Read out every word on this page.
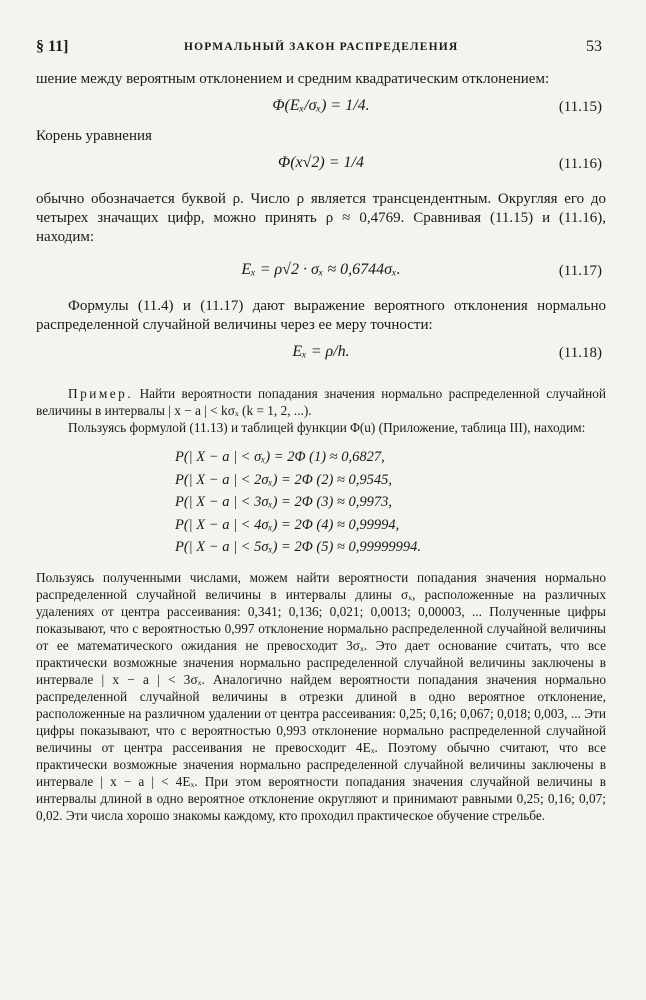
§ 11]	НОРМАЛЬНЫЙ ЗАКОН РАСПРЕДЕЛЕНИЯ	53

шение между вероятным отклонением и средним квадратическим отклонением:

Φ(Eₓ/σₓ) = 1/4.	(11.15)

Корень уравнения

Φ(x√2) = 1/4	(11.16)

обычно обозначается буквой ρ. Число ρ является трансцендентным. Округляя его до четырех значащих цифр, можно принять ρ ≈ 0,4769. Сравнивая (11.15) и (11.16), находим:

Eₓ = ρ√2 · σₓ ≈ 0,6744σₓ.	(11.17)

Формулы (11.4) и (11.17) дают выражение вероятного отклонения нормально распределенной случайной величины через ее меру точности:

Eₓ = ρ/h.	(11.18)

Пример. Найти вероятности попадания значения нормально распределенной случайной величины в интервалы | x − a | < kσₓ (k = 1, 2, ...).

Пользуясь формулой (11.13) и таблицей функции Φ(u) (Приложение, таблица III), находим:

P(| X − a | < σₓ) = 2Φ (1) ≈ 0,6827,
P(| X − a | < 2σₓ) = 2Φ (2) ≈ 0,9545,
P(| X − a | < 3σₓ) = 2Φ (3) ≈ 0,9973,
P(| X − a | < 4σₓ) = 2Φ (4) ≈ 0,99994,
P(| X − a | < 5σₓ) = 2Φ (5) ≈ 0,99999994.

Пользуясь полученными числами, можем найти вероятности попадания значения нормально распределенной случайной величины в интервалы длины σₓ, расположенные на различных удалениях от центра рассеивания: 0,341; 0,136; 0,021; 0,0013; 0,00003, ... Полученные цифры показывают, что с вероятностью 0,997 отклонение нормально распределенной случайной величины от ее математического ожидания не превосходит 3σₓ. Это дает основание считать, что все практически возможные значения нормально распределенной случайной величины заключены в интервале | x − a | < 3σₓ. Аналогично найдем вероятности попадания значения нормально распределенной случайной величины в отрезки длиной в одно вероятное отклонение, расположенные на различном удалении от центра рассеивания: 0,25; 0,16; 0,067; 0,018; 0,003, ... Эти цифры показывают, что с вероятностью 0,993 отклонение нормально распределенной случайной величины от центра рассеивания не превосходит 4Eₓ. Поэтому обычно считают, что все практически возможные значения нормально распределенной случайной величины заключены в интервале | x − a | < 4Eₓ. При этом вероятности попадания значения случайной величины в интервалы длиной в одно вероятное отклонение округляют и принимают равными 0,25; 0,16; 0,07; 0,02. Эти числа хорошо знакомы каждому, кто проходил практическое обучение стрельбе.
